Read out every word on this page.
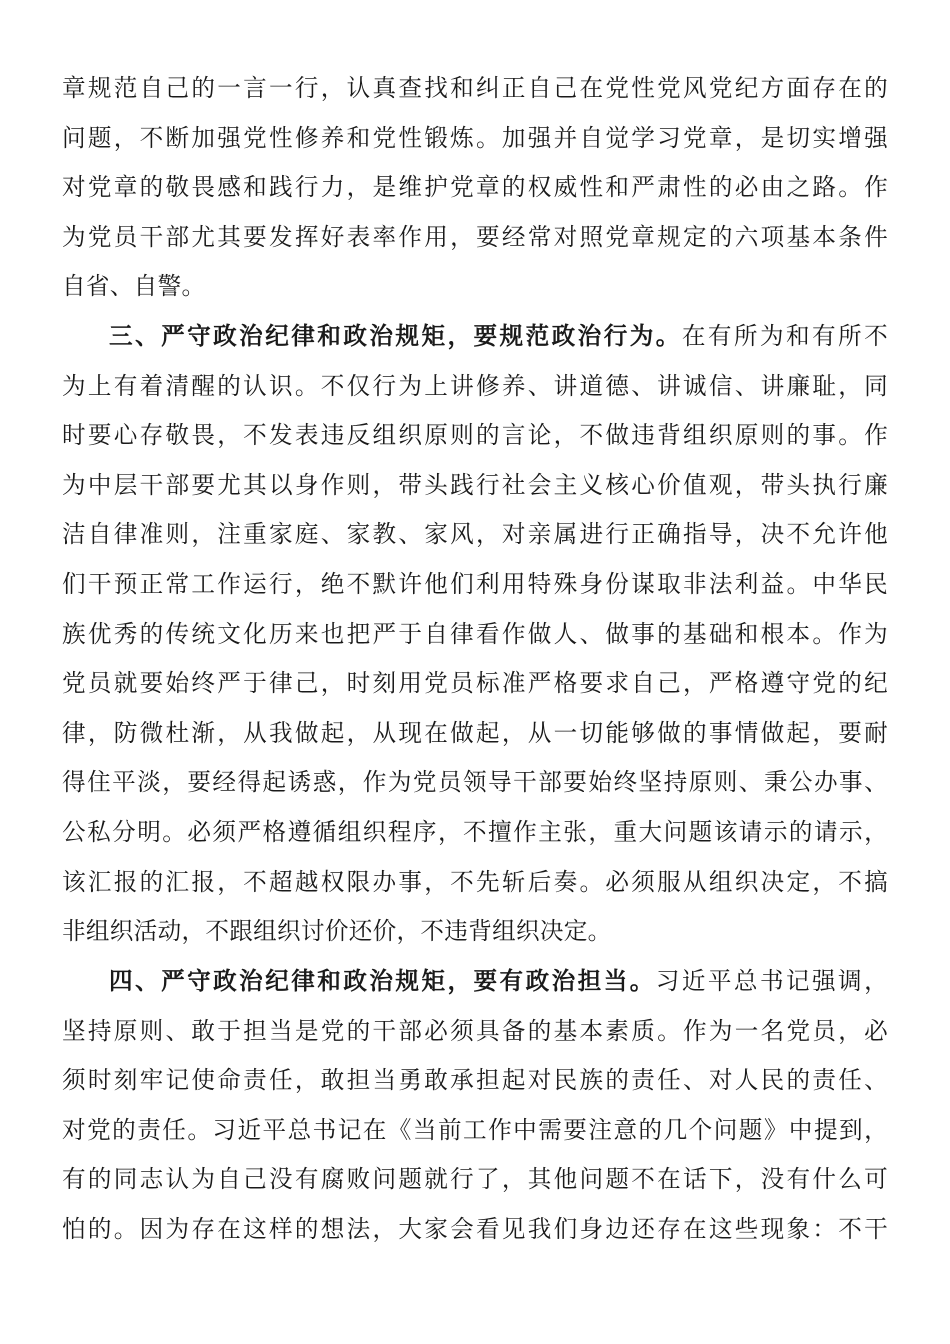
章规范自己的一言一行，认真查找和纠正自己在党性党风党纪方面存在的
问题，不断加强党性修养和党性锻炼。加强并自觉学习党章，是切实增强
对党章的敬畏感和践行力，是维护党章的权威性和严肃性的必由之路。作
为党员干部尤其要发挥好表率作用，要经常对照党章规定的六项基本条件
自省、自警。
三、严守政治纪律和政治规矩，要规范政治行为。在有所为和有所不
为上有着清醒的认识。不仅行为上讲修养、讲道德、讲诚信、讲廉耻，同
时要心存敬畏，不发表违反组织原则的言论，不做违背组织原则的事。作
为中层干部要尤其以身作则，带头践行社会主义核心价值观，带头执行廉
洁自律准则，注重家庭、家教、家风，对亲属进行正确指导，决不允许他
们干预正常工作运行，绝不默许他们利用特殊身份谋取非法利益。中华民
族优秀的传统文化历来也把严于自律看作做人、做事的基础和根本。作为
党员就要始终严于律己，时刻用党员标准严格要求自己，严格遵守党的纪
律，防微杜渐，从我做起，从现在做起，从一切能够做的事情做起，要耐
得住平淡，要经得起诱惑，作为党员领导干部要始终坚持原则、秉公办事、
公私分明。必须严格遵循组织程序，不擅作主张，重大问题该请示的请示，
该汇报的汇报，不超越权限办事，不先斩后奏。必须服从组织决定，不搞
非组织活动，不跟组织讨价还价，不违背组织决定。
四、严守政治纪律和政治规矩，要有政治担当。习近平总书记强调，
坚持原则、敢于担当是党的干部必须具备的基本素质。作为一名党员，必
须时刻牢记使命责任，敢担当勇敢承担起对民族的责任、对人民的责任、
对党的责任。习近平总书记在《当前工作中需要注意的几个问题》中提到，
有的同志认为自己没有腐败问题就行了，其他问题不在话下，没有什么可
怕的。因为存在这样的想法，大家会看见我们身边还存在这些现象：不干
